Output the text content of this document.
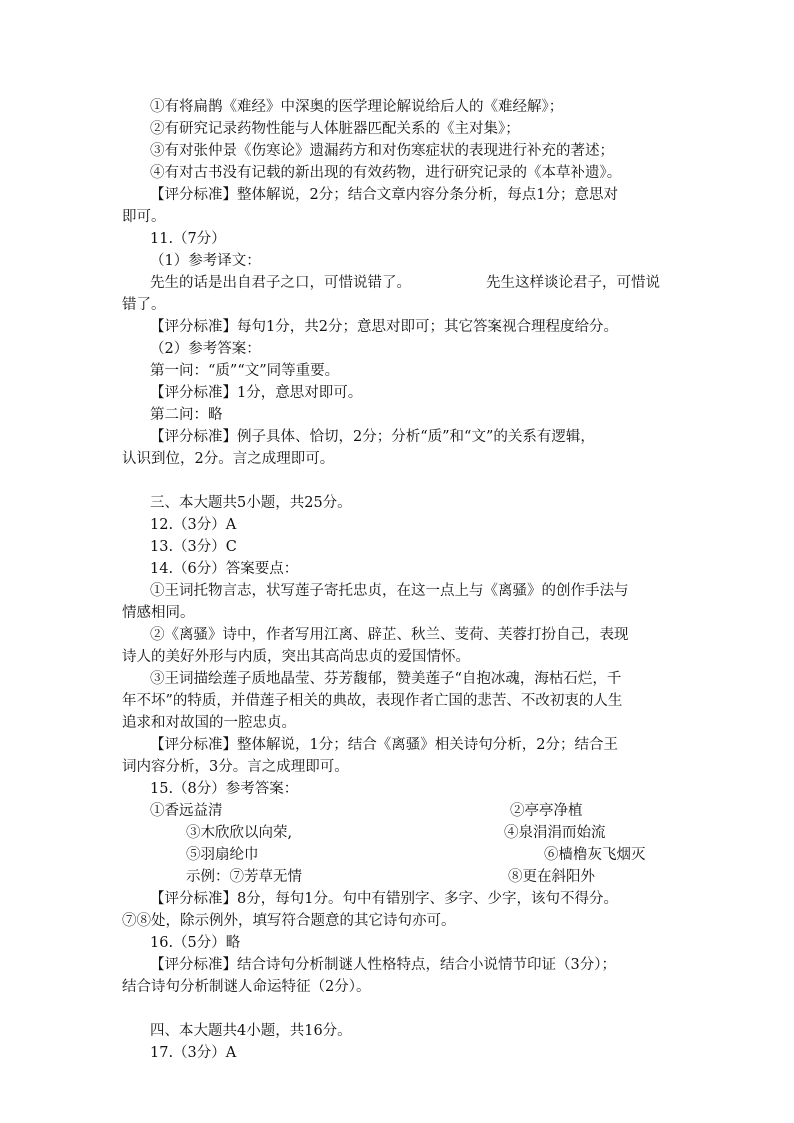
①有将扁鹊《难经》中深奥的医学理论解说给后人的《难经解》；
②有研究记录药物性能与人体脏器匹配关系的《主对集》；
③有对张仲景《伤寒论》遗漏药方和对伤寒症状的表现进行补充的著述；
④有对古书没有记载的新出现的有效药物，进行研究记录的《本草补遗》。
【评分标准】整体解说，2分；结合文章内容分条分析，每点1分；意思对
即可。
11.（7分）
（1）参考译文：
先生的话是出自君子之口，可惜说错了。	先生这样谈论君子，可惜说
错了。
【评分标准】每句1分，共2分；意思对即可；其它答案视合理程度给分。
（2）参考答案：
第一问：“质”“文”同等重要。
【评分标准】1分，意思对即可。
第二问：略
【评分标准】例子具体、恰切，2分；分析“质”和“文”的关系有逻辑，
认识到位，2分。言之成理即可。
三、本大题共5小题，共25分。
12.（3分）A
13.（3分）C
14.（6分）答案要点：
①王词托物言志，状写莲子寄托忠贞，在这一点上与《离骚》的创作手法与
情感相同。
②《离骚》诗中，作者写用江离、辟芷、秋兰、芰荷、芙蓉打扮自己，表现
诗人的美好外形与内质，突出其高尚忠贞的爱国情怀。
③王词描绘莲子质地晶莹、芬芳馥郁，赞美莲子“自抱冰魂，海枯石烂，千
年不坏”的特质，并借莲子相关的典故，表现作者亡国的悲苦、不改初衷的人生
追求和对故国的一腔忠贞。
【评分标准】整体解说，1分；结合《离骚》相关诗句分析，2分；结合王
词内容分析，3分。言之成理即可。
15.（8分）参考答案：
①香远益清	②亭亭净植
③木欣欣以向荣,	④泉涓涓而始流
⑤羽扇纶巾	⑥樯橹灰飞烟灭
示例：⑦芳草无情	⑧更在斜阳外
【评分标准】8分，每句1分。句中有错别字、多字、少字，该句不得分。
⑦⑧处，除示例外，填写符合题意的其它诗句亦可。
16.（5分）略
【评分标准】结合诗句分析制谜人性格特点，结合小说情节印证（3分）；
结合诗句分析制谜人命运特征（2分）。
四、本大题共4小题，共16分。
17.（3分）A
